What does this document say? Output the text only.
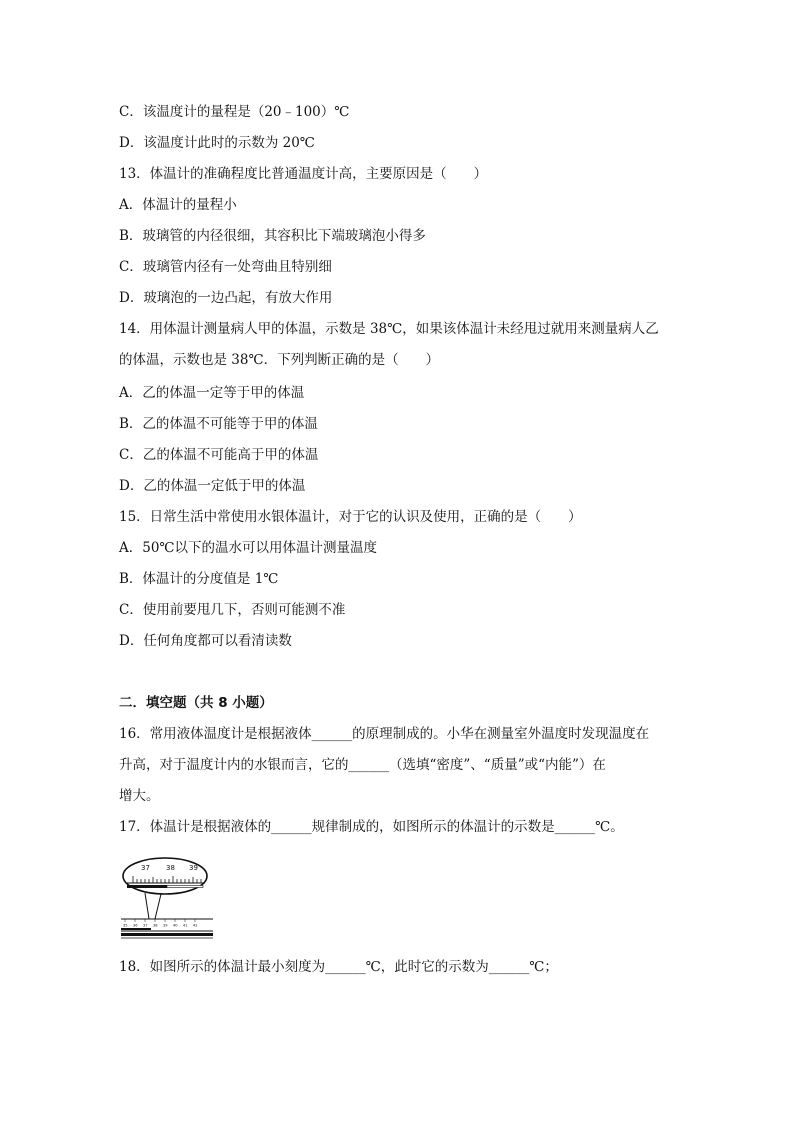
C．该温度计的量程是（20﹣100）℃
D．该温度计此时的示数为 20℃
13．体温计的准确程度比普通温度计高，主要原因是（　　）
A．体温计的量程小
B．玻璃管的内径很细，其容积比下端玻璃泡小得多
C．玻璃管内径有一处弯曲且特别细
D．玻璃泡的一边凸起，有放大作用
14．用体温计测量病人甲的体温，示数是 38℃，如果该体温计未经甩过就用来测量病人乙
的体温，示数也是 38℃．下列判断正确的是（　　）
A．乙的体温一定等于甲的体温
B．乙的体温不可能等于甲的体温
C．乙的体温不可能高于甲的体温
D．乙的体温一定低于甲的体温
15．日常生活中常使用水银体温计，对于它的认识及使用，正确的是（　　）
A．50℃以下的温水可以用体温计测量温度
B．体温计的分度值是 1℃
C．使用前要甩几下，否则可能测不准
D．任何角度都可以看清读数
二．填空题（共 8 小题）
16．常用液体温度计是根据液体______的原理制成的。小华在测量室外温度时发现温度在
升高，对于温度计内的水银而言，它的______（选填“密度”、“质量”或“内能”）在
增大。
17．体温计是根据液体的______规律制成的，如图所示的体温计的示数是______℃。
37 38 39
35 36 37 38 39 40 41 42
18．如图所示的体温计最小刻度为______℃，此时它的示数为______℃；
